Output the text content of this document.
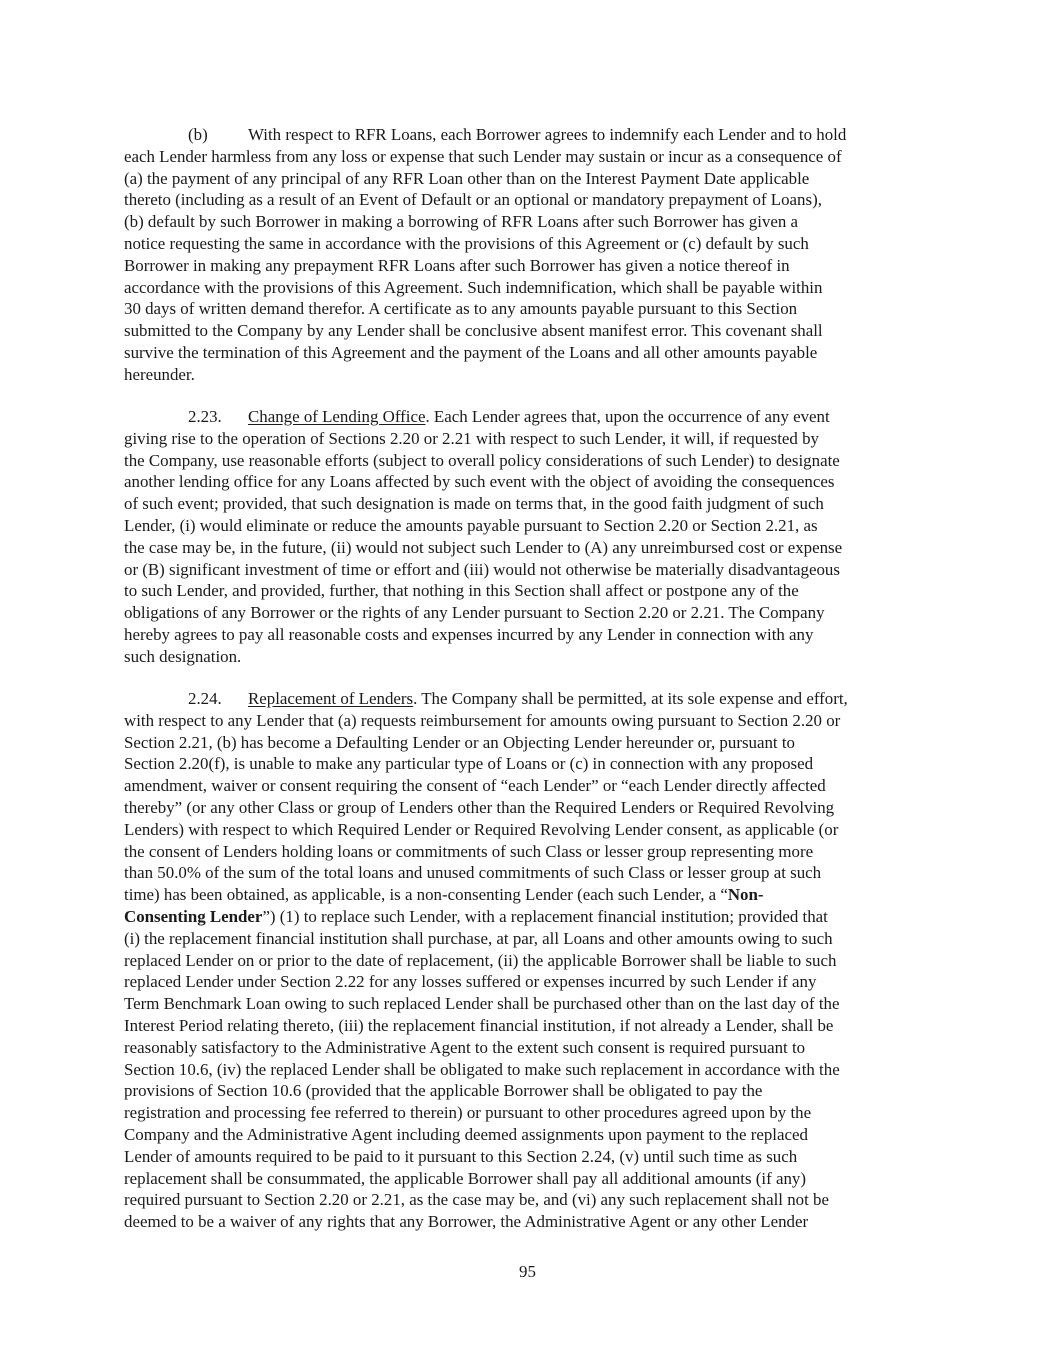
(b) With respect to RFR Loans, each Borrower agrees to indemnify each Lender and to hold
each Lender harmless from any loss or expense that such Lender may sustain or incur as a consequence of
(a) the payment of any principal of any RFR Loan other than on the Interest Payment Date applicable
thereto (including as a result of an Event of Default or an optional or mandatory prepayment of Loans),
(b) default by such Borrower in making a borrowing of RFR Loans after such Borrower has given a
notice requesting the same in accordance with the provisions of this Agreement or (c) default by such
Borrower in making any prepayment RFR Loans after such Borrower has given a notice thereof in
accordance with the provisions of this Agreement. Such indemnification, which shall be payable within
30 days of written demand therefor. A certificate as to any amounts payable pursuant to this Section
submitted to the Company by any Lender shall be conclusive absent manifest error. This covenant shall
survive the termination of this Agreement and the payment of the Loans and all other amounts payable
hereunder.
2.23. Change of Lending Office. Each Lender agrees that, upon the occurrence of any event
giving rise to the operation of Sections 2.20 or 2.21 with respect to such Lender, it will, if requested by
the Company, use reasonable efforts (subject to overall policy considerations of such Lender) to designate
another lending office for any Loans affected by such event with the object of avoiding the consequences
of such event; provided, that such designation is made on terms that, in the good faith judgment of such
Lender, (i) would eliminate or reduce the amounts payable pursuant to Section 2.20 or Section 2.21, as
the case may be, in the future, (ii) would not subject such Lender to (A) any unreimbursed cost or expense
or (B) significant investment of time or effort and (iii) would not otherwise be materially disadvantageous
to such Lender, and provided, further, that nothing in this Section shall affect or postpone any of the
obligations of any Borrower or the rights of any Lender pursuant to Section 2.20 or 2.21. The Company
hereby agrees to pay all reasonable costs and expenses incurred by any Lender in connection with any
such designation.
2.24. Replacement of Lenders. The Company shall be permitted, at its sole expense and effort,
with respect to any Lender that (a) requests reimbursement for amounts owing pursuant to Section 2.20 or
Section 2.21, (b) has become a Defaulting Lender or an Objecting Lender hereunder or, pursuant to
Section 2.20(f), is unable to make any particular type of Loans or (c) in connection with any proposed
amendment, waiver or consent requiring the consent of “each Lender” or “each Lender directly affected
thereby” (or any other Class or group of Lenders other than the Required Lenders or Required Revolving
Lenders) with respect to which Required Lender or Required Revolving Lender consent, as applicable (or
the consent of Lenders holding loans or commitments of such Class or lesser group representing more
than 50.0% of the sum of the total loans and unused commitments of such Class or lesser group at such
time) has been obtained, as applicable, is a non-consenting Lender (each such Lender, a “Non-
Consenting Lender”) (1) to replace such Lender, with a replacement financial institution; provided that
(i) the replacement financial institution shall purchase, at par, all Loans and other amounts owing to such
replaced Lender on or prior to the date of replacement, (ii) the applicable Borrower shall be liable to such
replaced Lender under Section 2.22 for any losses suffered or expenses incurred by such Lender if any
Term Benchmark Loan owing to such replaced Lender shall be purchased other than on the last day of the
Interest Period relating thereto, (iii) the replacement financial institution, if not already a Lender, shall be
reasonably satisfactory to the Administrative Agent to the extent such consent is required pursuant to
Section 10.6, (iv) the replaced Lender shall be obligated to make such replacement in accordance with the
provisions of Section 10.6 (provided that the applicable Borrower shall be obligated to pay the
registration and processing fee referred to therein) or pursuant to other procedures agreed upon by the
Company and the Administrative Agent including deemed assignments upon payment to the replaced
Lender of amounts required to be paid to it pursuant to this Section 2.24, (v) until such time as such
replacement shall be consummated, the applicable Borrower shall pay all additional amounts (if any)
required pursuant to Section 2.20 or 2.21, as the case may be, and (vi) any such replacement shall not be
deemed to be a waiver of any rights that any Borrower, the Administrative Agent or any other Lender
95
